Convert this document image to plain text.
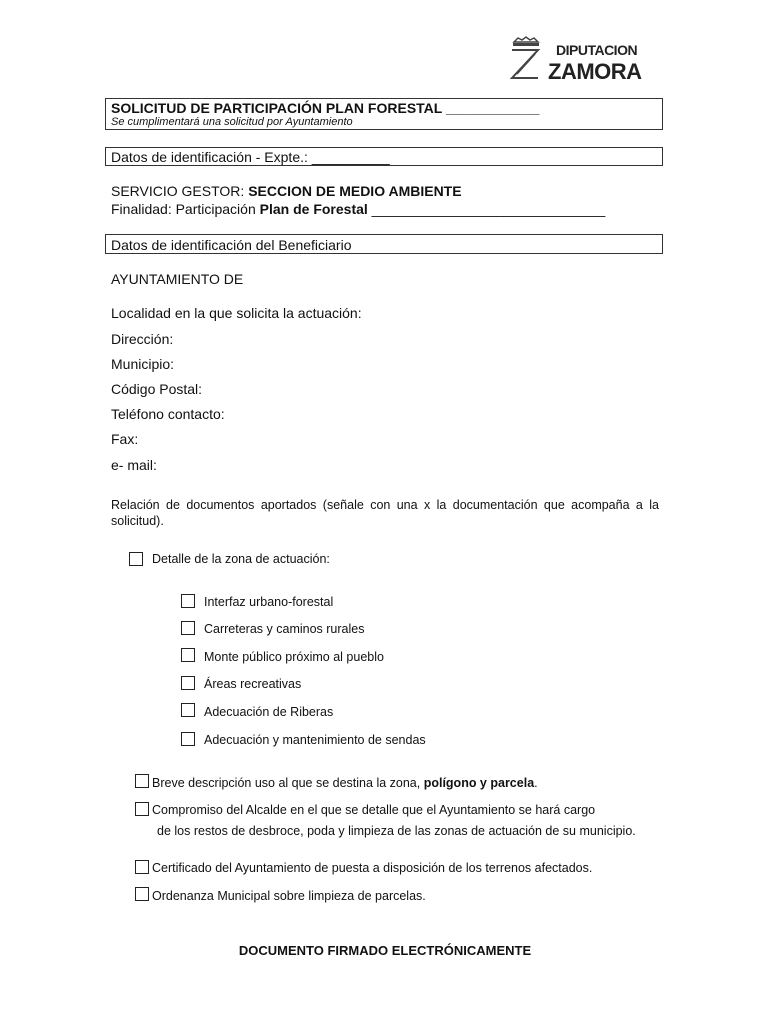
DIPUTACION
ZAMORA
SOLICITUD DE PARTICIPACIÓN PLAN FORESTAL ____________
Se cumplimentará una solicitud por Ayuntamiento
Datos de identificación - Expte.: __________
SERVICIO GESTOR: SECCION DE MEDIO AMBIENTE
Finalidad: Participación Plan de Forestal ______________________________
Datos de identificación del Beneficiario
AYUNTAMIENTO DE
Localidad en la que solicita la actuación:
Dirección:
Municipio:
Código Postal:
Teléfono contacto:
Fax:
e- mail:
Relación de documentos aportados (señale con una x la documentación que acompaña a la solicitud).
Detalle de la zona de actuación:
Interfaz urbano-forestal
Carreteras y caminos rurales
Monte público próximo al pueblo
Áreas recreativas
Adecuación de Riberas
Adecuación y mantenimiento de sendas
Breve descripción uso al que se destina la zona, polígono y parcela.
Compromiso del Alcalde en el que se detalle que el Ayuntamiento se hará cargo
de los restos de desbroce, poda y limpieza de las zonas de actuación de su municipio.
Certificado del Ayuntamiento de puesta a disposición de los terrenos afectados.
Ordenanza Municipal sobre limpieza de parcelas.
DOCUMENTO FIRMADO ELECTRÓNICAMENTE
